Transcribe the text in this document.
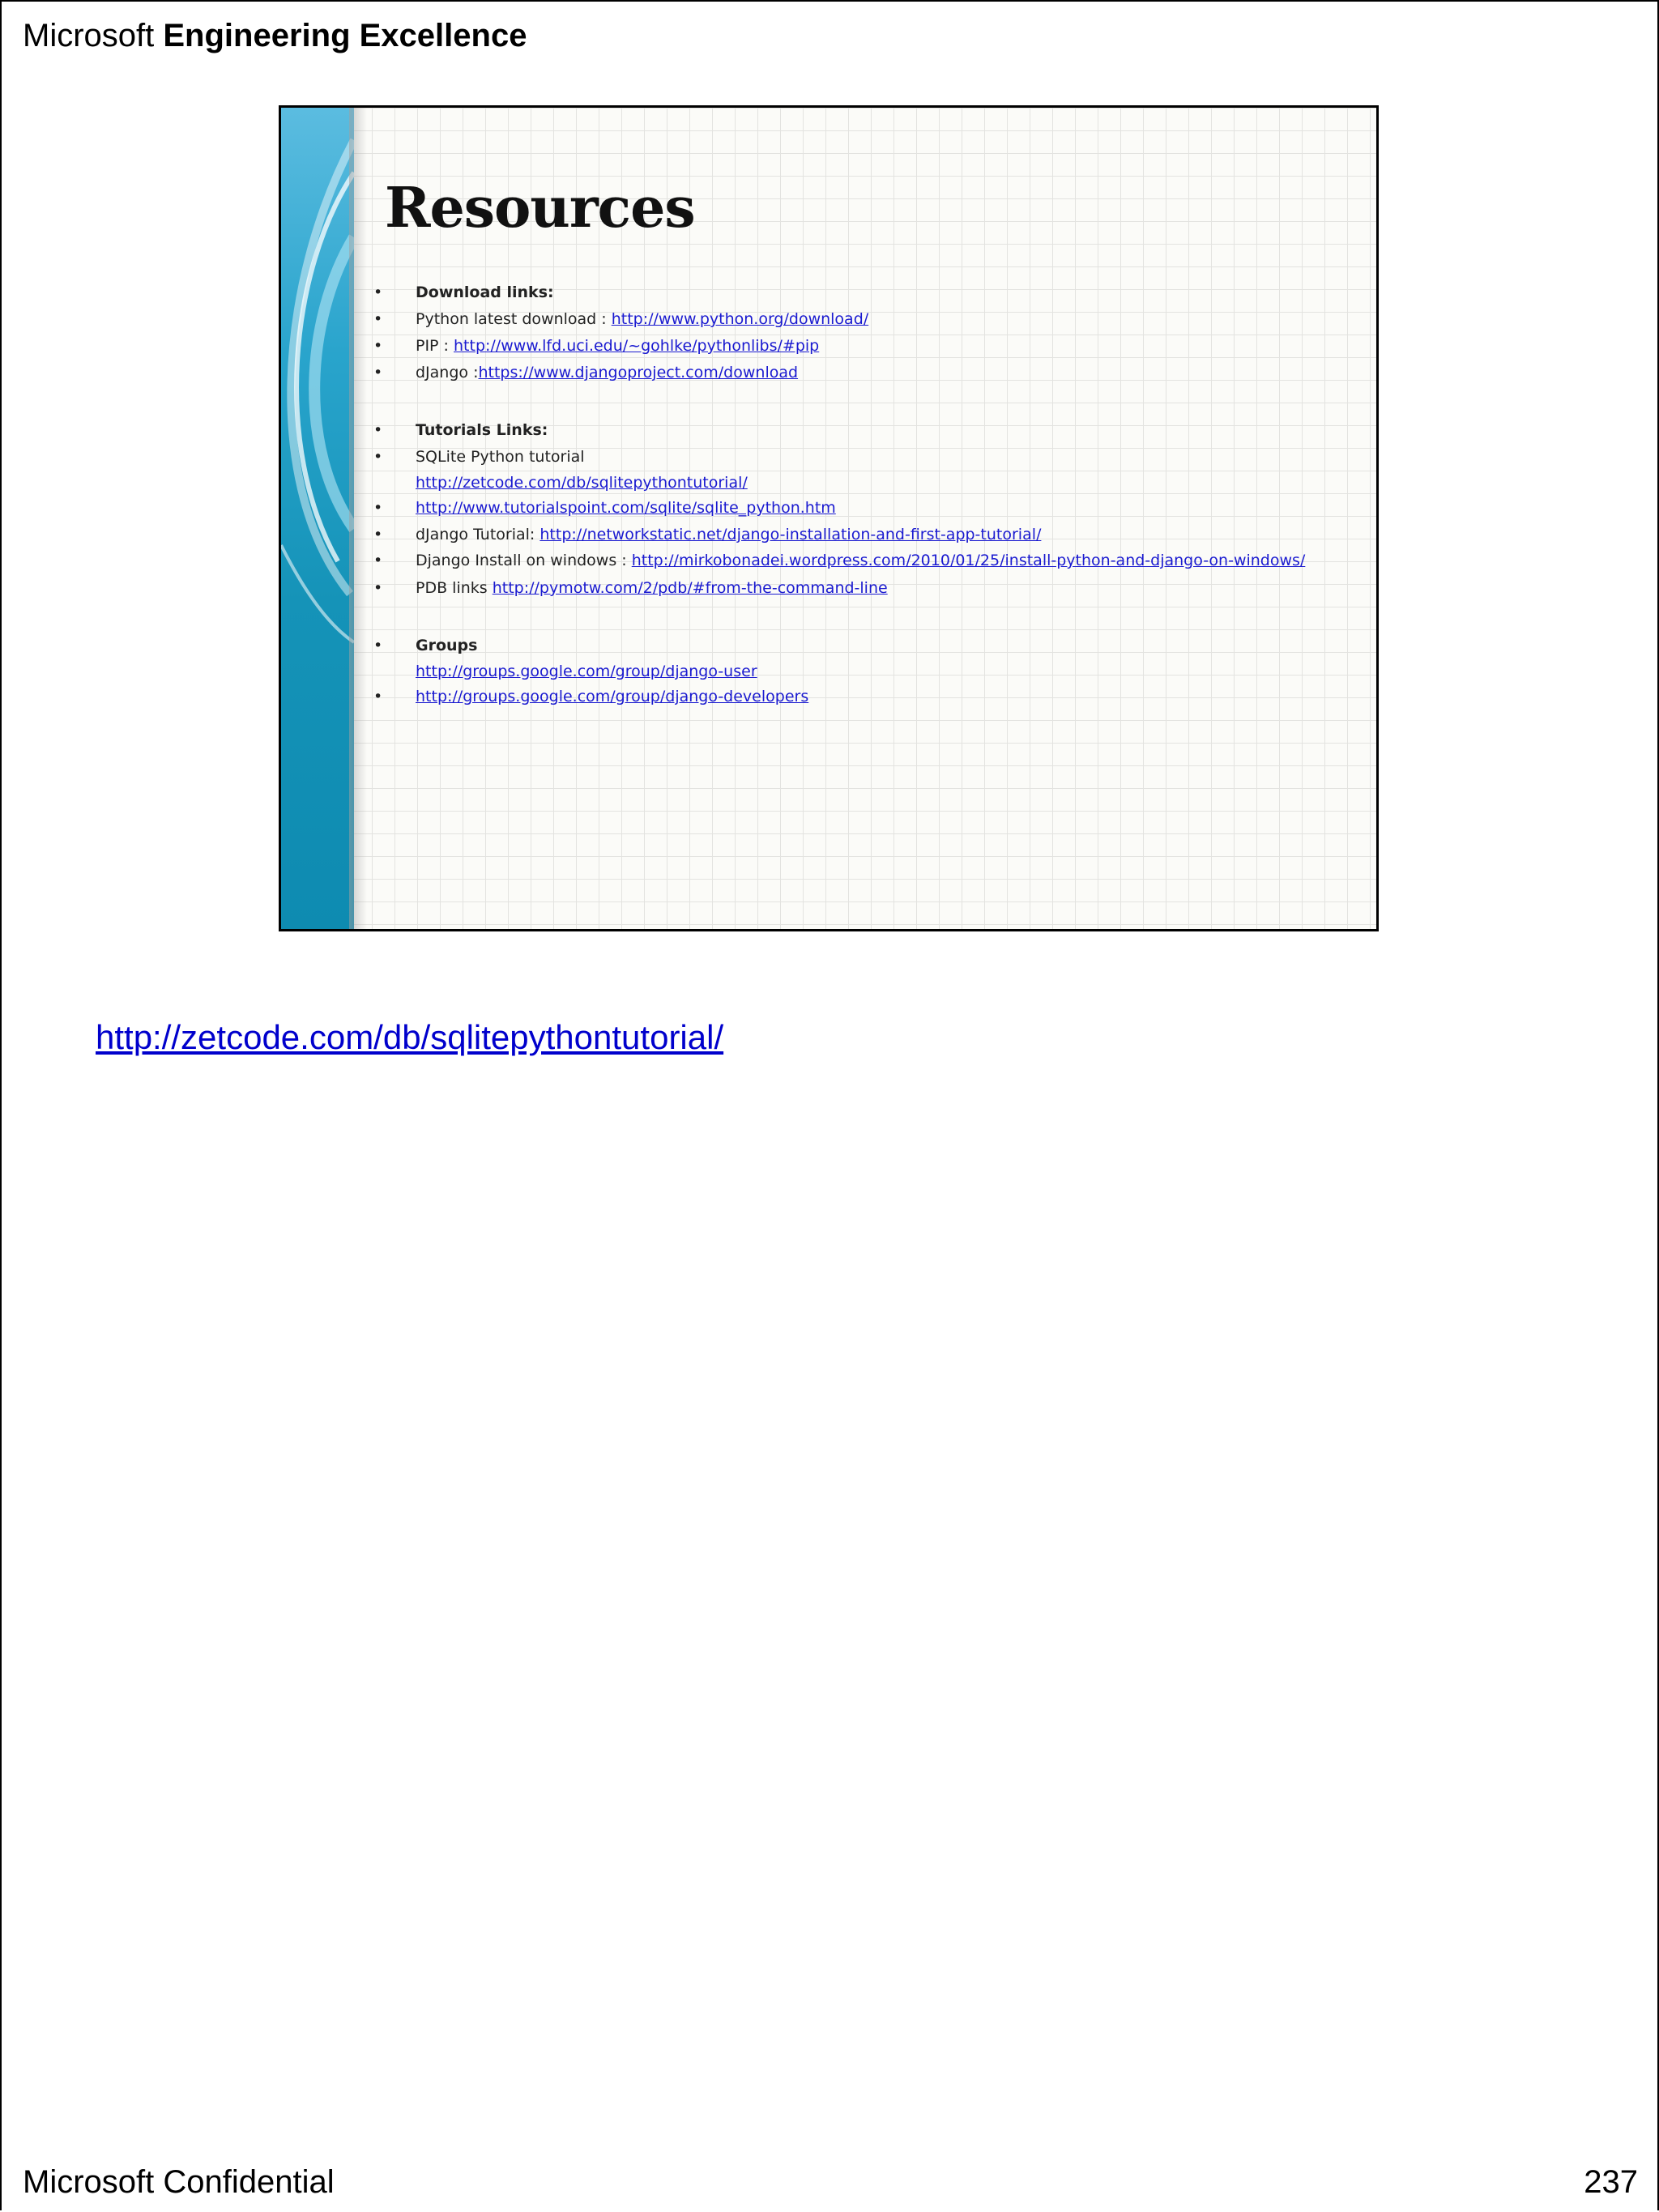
Microsoft Engineering Excellence
Resources
• Download links:
• Python latest download : http://www.python.org/download/
• PIP : http://www.lfd.uci.edu/~gohlke/pythonlibs/#pip
• dJango :https://www.djangoproject.com/download
• Tutorials Links:
• SQLite Python tutorial
http://zetcode.com/db/sqlitepythontutorial/
• http://www.tutorialspoint.com/sqlite/sqlite_python.htm
• dJango Tutorial: http://networkstatic.net/django-installation-and-first-app-tutorial/
• Django Install on windows : http://mirkobonadei.wordpress.com/2010/01/25/install-python-and-django-on-windows/
• PDB links http://pymotw.com/2/pdb/#from-the-command-line
• Groups
http://groups.google.com/group/django-user
• http://groups.google.com/group/django-developers
http://zetcode.com/db/sqlitepythontutorial/
Microsoft Confidential	237
